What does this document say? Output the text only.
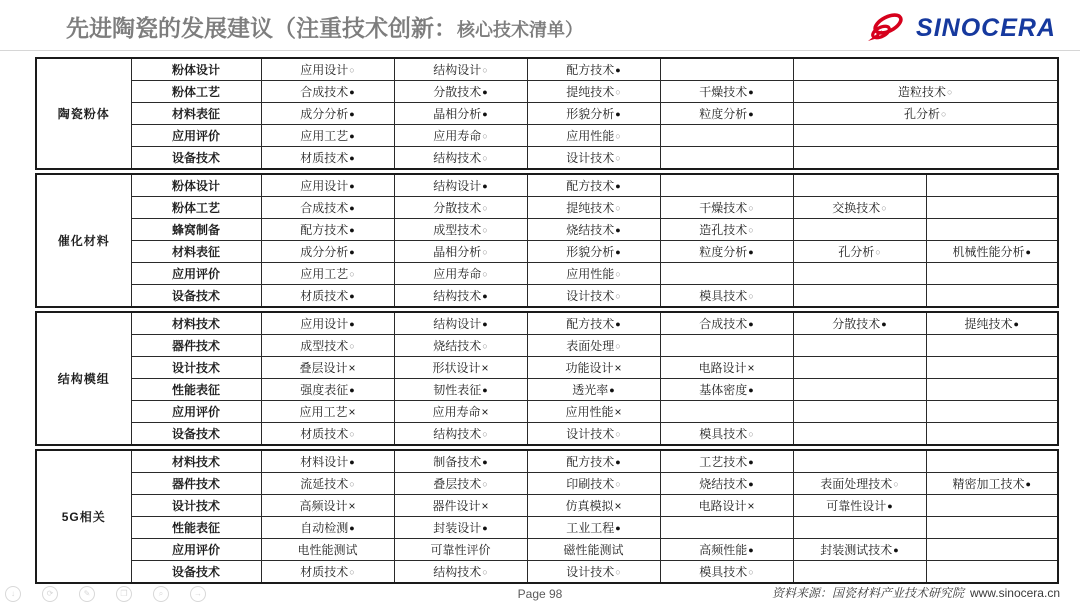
先进陶瓷的发展建议（注重技术创新：核心技术清单）	SINOCERA
陶瓷粉体	粉体设计	应用设计○	结构设计○	配方技术●		
	粉体工艺	合成技术●	分散技术●	提纯技术○	干燥技术●	造粒技术○
	材料表征	成分分析●	晶相分析●	形貌分析●	粒度分析●	孔分析○
	应用评价	应用工艺●	应用寿命○	应用性能○		
	设备技术	材质技术●	结构技术○	设计技术○		
催化材料	粉体设计	应用设计●	结构设计●	配方技术●			
	粉体工艺	合成技术●	分散技术○	提纯技术○	干燥技术○	交换技术○	
	蜂窝制备	配方技术●	成型技术○	烧结技术●	造孔技术○		
	材料表征	成分分析●	晶相分析○	形貌分析●	粒度分析●	孔分析○	机械性能分析●
	应用评价	应用工艺○	应用寿命○	应用性能○			
	设备技术	材质技术●	结构技术●	设计技术○	模具技术○		
结构模组	材料技术	应用设计●	结构设计●	配方技术●	合成技术●	分散技术●	提纯技术●
	器件技术	成型技术○	烧结技术○	表面处理○			
	设计技术	叠层设计×	形状设计×	功能设计×	电路设计×		
	性能表征	强度表征●	韧性表征●	透光率●	基体密度●		
	应用评价	应用工艺×	应用寿命×	应用性能×			
	设备技术	材质技术○	结构技术○	设计技术○	模具技术○		
5G相关	材料技术	材料设计●	制备技术●	配方技术●	工艺技术●		
	器件技术	流延技术○	叠层技术○	印刷技术○	烧结技术●	表面处理技术○	精密加工技术●
	设计技术	高频设计×	器件设计×	仿真模拟×	电路设计×	可靠性设计●	
	性能表征	自动检测●	封装设计●	工业工程●			
	应用评价	电性能测试	可靠性评价	磁性能测试	高频性能●	封装测试技术●	
	设备技术	材质技术○	结构技术○	设计技术○	模具技术○		
↓	⟳	✎	❐	⌕	→	Page 98	资料来源：国瓷材料产业技术研究院 www.sinocera.cn
